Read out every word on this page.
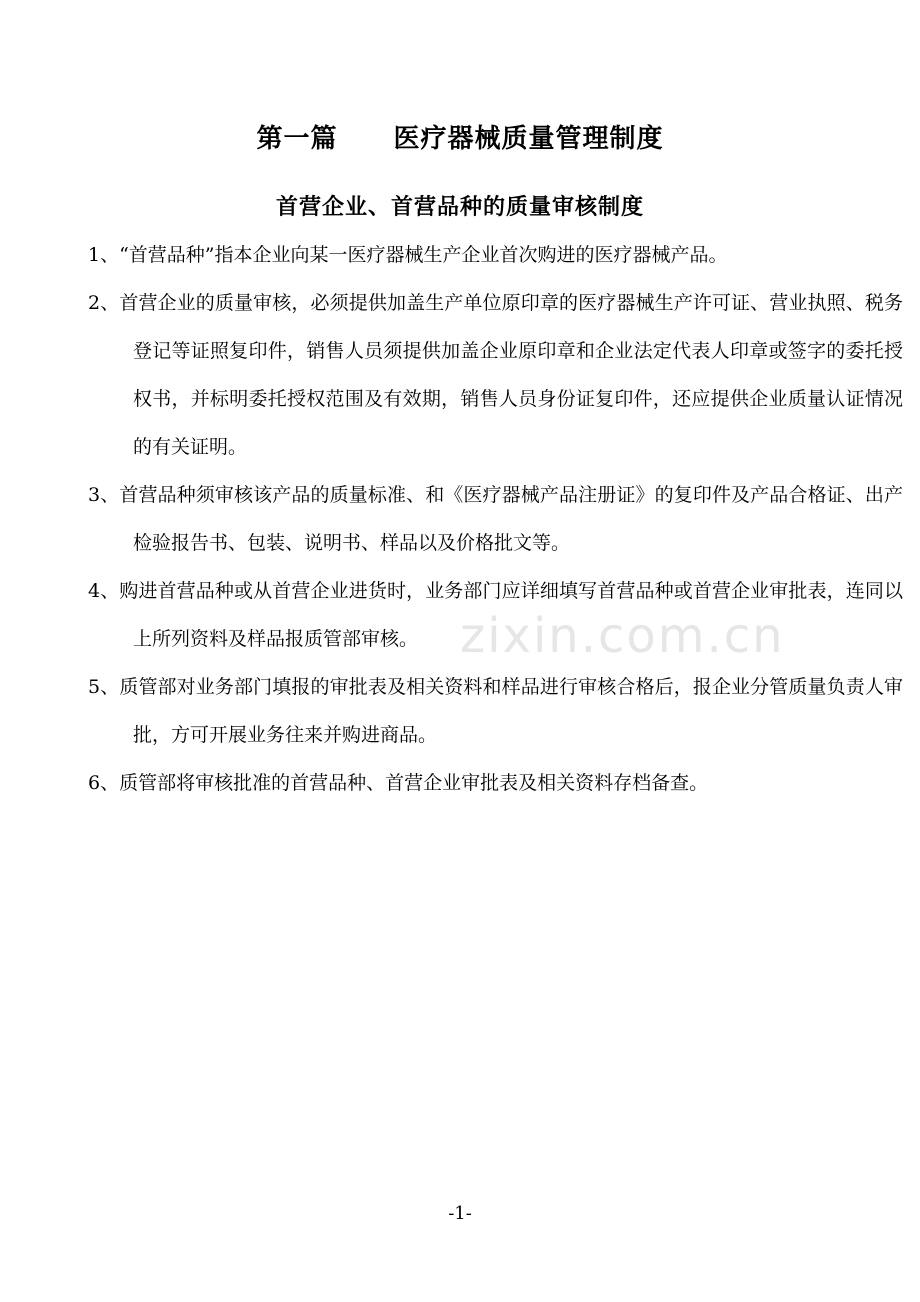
第一篇 医疗器械质量管理制度
首营企业、首营品种的质量审核制度
zixin.com.cn
1、“首营品种”指本企业向某一医疗器械生产企业首次购进的医疗器械产品。
2、首营企业的质量审核，必须提供加盖生产单位原印章的医疗器械生产许可证、营业执照、税务登记等证照复印件，销售人员须提供加盖企业原印章和企业法定代表人印章或签字的委托授权书，并标明委托授权范围及有效期，销售人员身份证复印件，还应提供企业质量认证情况的有关证明。
3、首营品种须审核该产品的质量标准、和《医疗器械产品注册证》的复印件及产品合格证、出产检验报告书、包装、说明书、样品以及价格批文等。
4、购进首营品种或从首营企业进货时，业务部门应详细填写首营品种或首营企业审批表，连同以上所列资料及样品报质管部审核。
5、质管部对业务部门填报的审批表及相关资料和样品进行审核合格后，报企业分管质量负责人审批，方可开展业务往来并购进商品。
6、质管部将审核批准的首营品种、首营企业审批表及相关资料存档备查。
-1-
